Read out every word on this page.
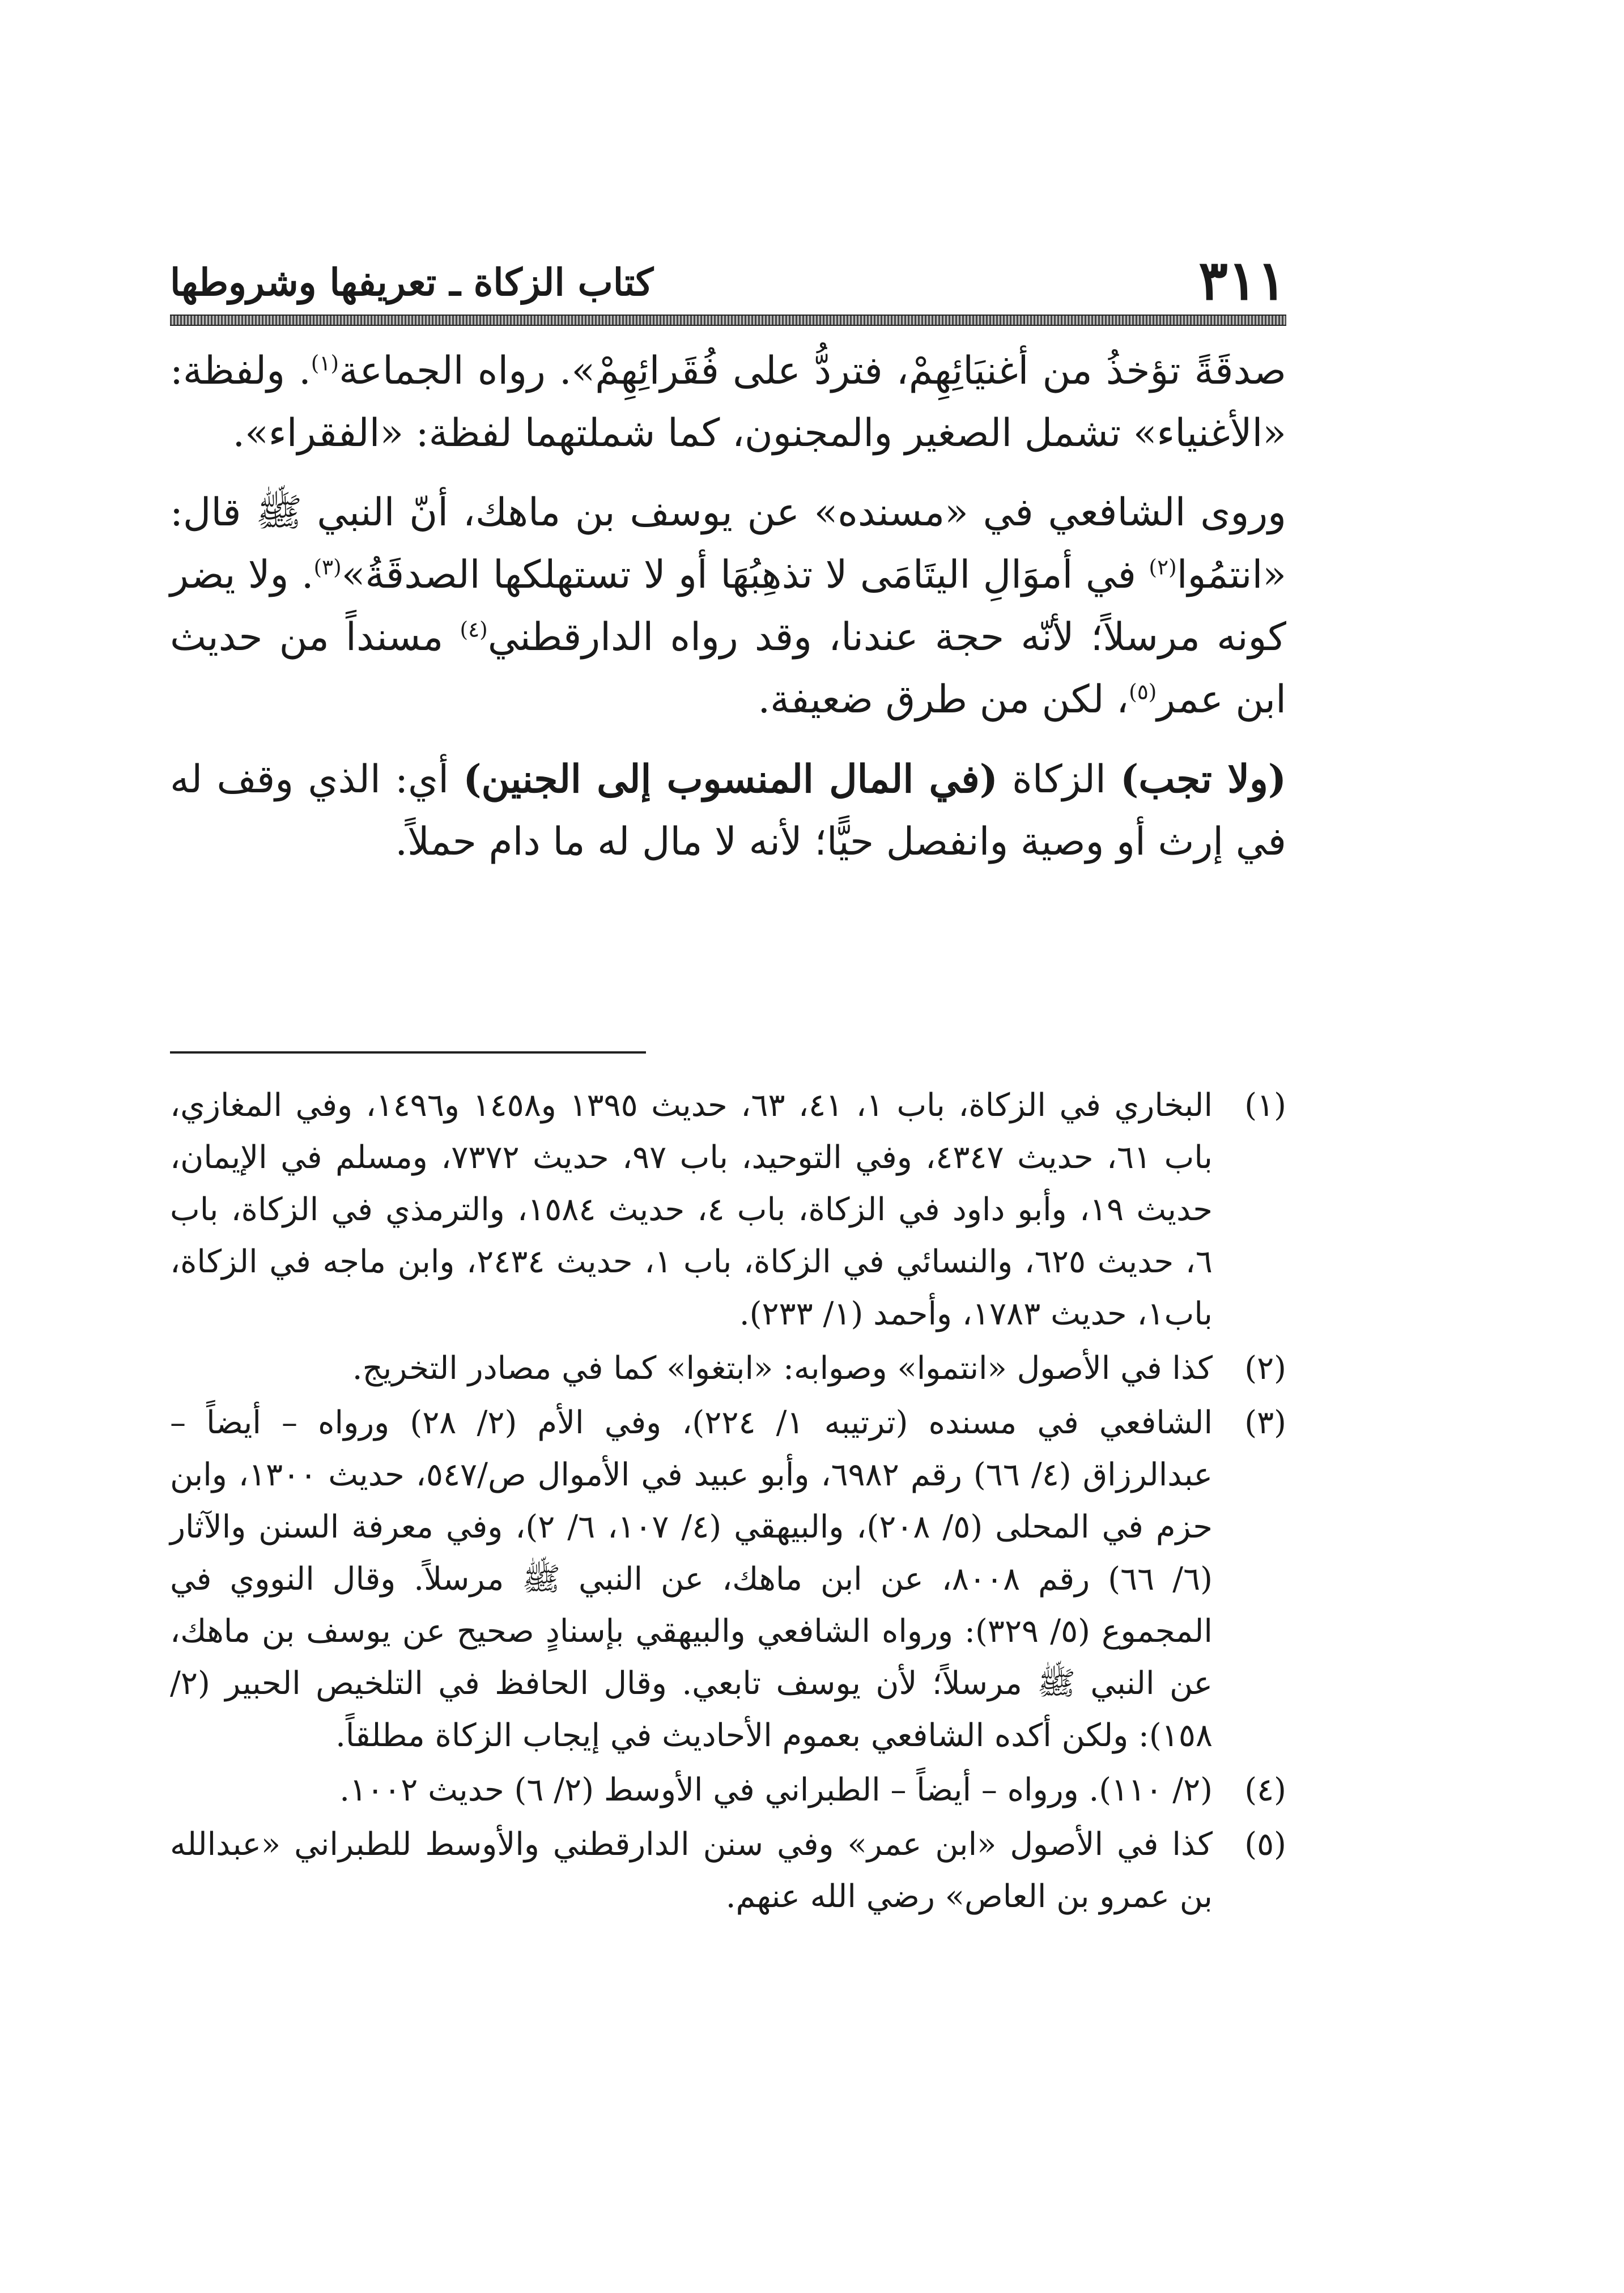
٣١١
كتاب الزكاة ـ تعريفها وشروطها

صدقَةً تؤخذُ من أغنيَائِهِمْ، فتردُّ على فُقَرائِهِمْ». رواه الجماعة$^{(١)}$. ولفظة: «الأغنياء» تشمل الصغير والمجنون، كما شملتهما لفظة: «الفقراء».

وروى الشافعي في «مسنده» عن يوسف بن ماهك، أنّ النبي ﷺ قال: «انتمُوا$^{(٢)}$ في أموَالِ اليتَامَى لا تذهِبُهَا أو لا تستهلكها الصدقَةُ»$^{(٣)}$. ولا يضر كونه مرسلاً؛ لأنّه حجة عندنا، وقد رواه الدارقطني$^{(٤)}$ مسنداً من حديث ابن عمر$^{(٥)}$، لكن من طرق ضعيفة.

(ولا تجب) الزكاة (في المال المنسوب إلى الجنين) أي: الذي وقف له في إرث أو وصية وانفصل حيًّا؛ لأنه لا مال له ما دام حملاً.

(١)
البخاري في الزكاة، باب ١، ٤١، ٦٣، حديث ١٣٩٥ و١٤٥٨ و١٤٩٦، وفي المغازي، باب ٦١، حديث ٤٣٤٧، وفي التوحيد، باب ٩٧، حديث ٧٣٧٢، ومسلم في الإيمان، حديث ١٩، وأبو داود في الزكاة، باب ٤، حديث ١٥٨٤، والترمذي في الزكاة، باب ٦، حديث ٦٢٥، والنسائي في الزكاة، باب ١، حديث ٢٤٣٤، وابن ماجه في الزكاة، باب١، حديث ١٧٨٣، وأحمد (١/ ٢٣٣).
(٢)
كذا في الأصول «انتموا» وصوابه: «ابتغوا» كما في مصادر التخريج.
(٣)
الشافعي في مسنده (ترتيبه ١/ ٢٢٤)، وفي الأم (٢/ ٢٨) ورواه – أيضاً – عبدالرزاق (٤/ ٦٦) رقم ٦٩٨٢، وأبو عبيد في الأموال ص/٥٤٧، حديث ١٣٠٠، وابن حزم في المحلى (٥/ ٢٠٨)، والبيهقي (٤/ ١٠٧، ٦/ ٢)، وفي معرفة السنن والآثار (٦/ ٦٦) رقم ٨٠٠٨، عن ابن ماهك، عن النبي ﷺ مرسلاً. وقال النووي في المجموع (٥/ ٣٢٩): ورواه الشافعي والبيهقي بإسنادٍ صحيح عن يوسف بن ماهك، عن النبي ﷺ مرسلاً؛ لأن يوسف تابعي. وقال الحافظ في التلخيص الحبير (٢/ ١٥٨): ولكن أكده الشافعي بعموم الأحاديث في إيجاب الزكاة مطلقاً.
(٤)
(٢/ ١١٠). ورواه – أيضاً – الطبراني في الأوسط (٢/ ٦) حديث ١٠٠٢.
(٥)
كذا في الأصول «ابن عمر» وفي سنن الدارقطني والأوسط للطبراني «عبدالله بن عمرو بن العاص» رضي الله عنهم.
